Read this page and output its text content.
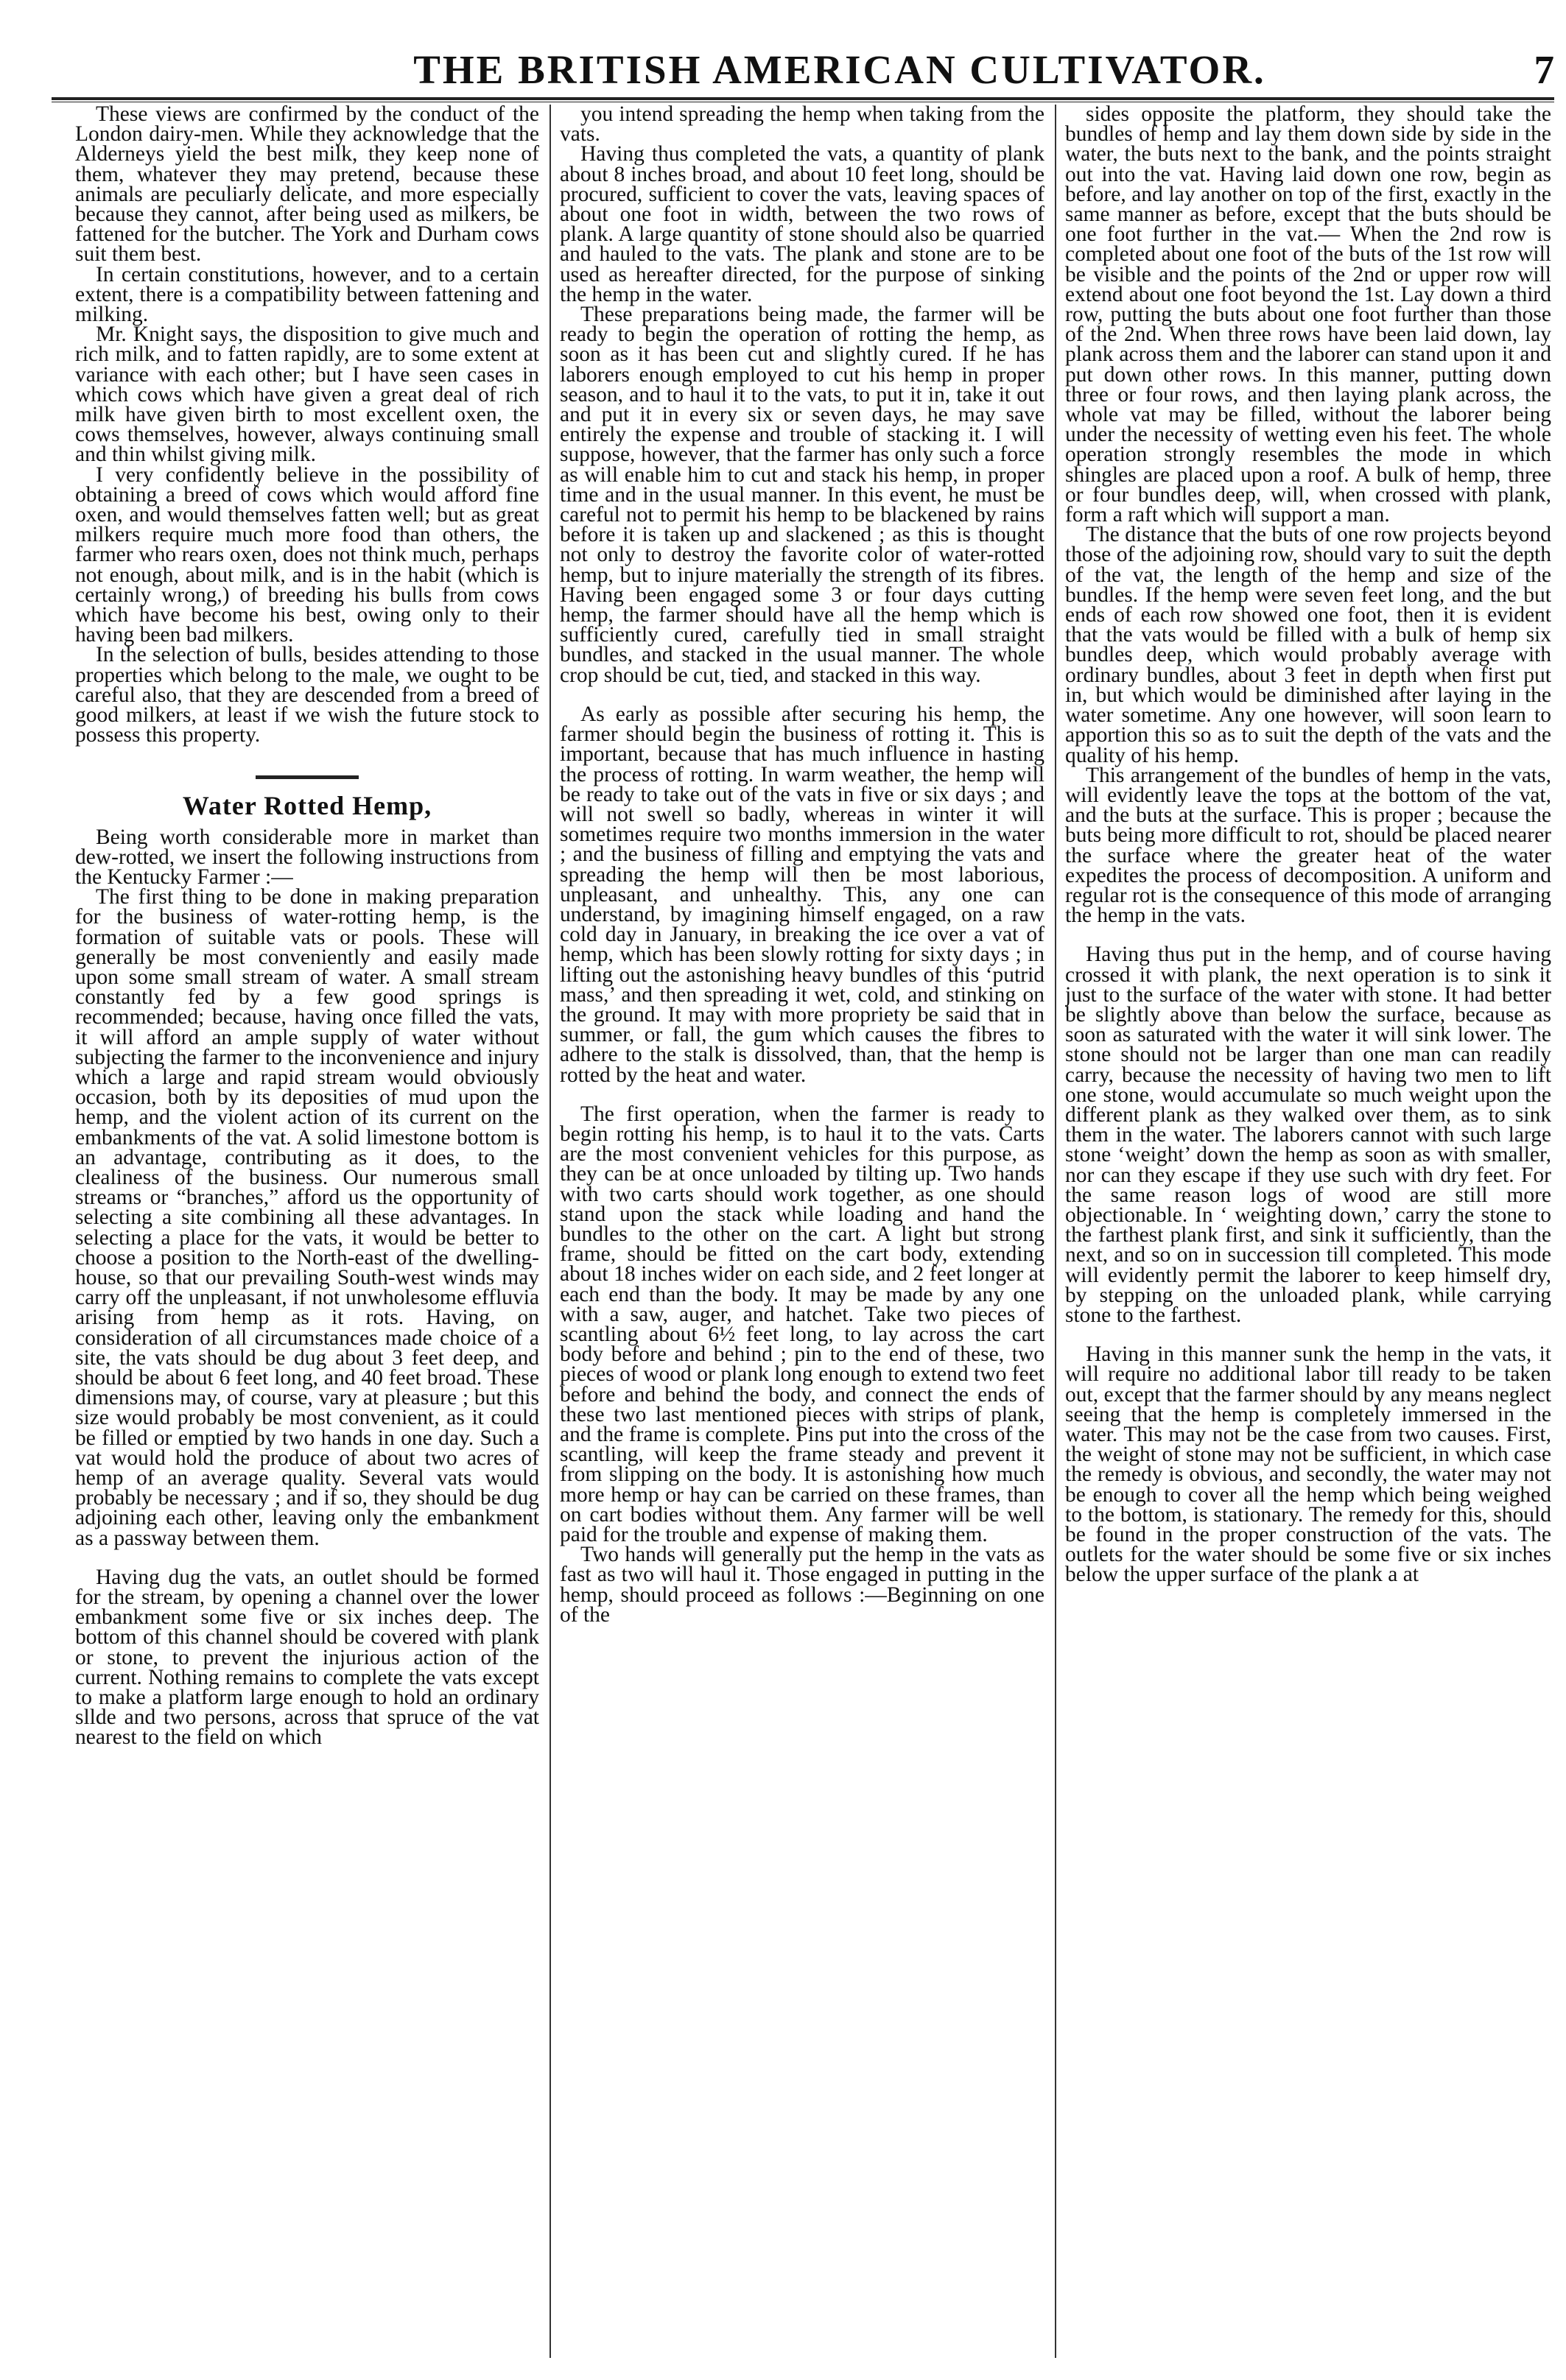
THE BRITISH AMERICAN CULTIVATOR.	7

These views are confirmed by the conduct of the London dairy-men. While they acknowledge that the Alderneys yield the best milk, they keep none of them, whatever they may pretend, because these animals are peculiarly delicate, and more especially because they cannot, after being used as milkers, be fattened for the butcher. The York and Durham cows suit them best.

In certain constitutions, however, and to a certain extent, there is a compatibility between fattening and milking.

Mr. Knight says, the disposition to give much and rich milk, and to fatten rapidly, are to some extent at variance with each other; but I have seen cases in which cows which have given a great deal of rich milk have given birth to most excellent oxen, the cows themselves, however, always continuing small and thin whilst giving milk.

I very confidently believe in the possibility of obtaining a breed of cows which would afford fine oxen, and would themselves fatten well; but as great milkers require much more food than others, the farmer who rears oxen, does not think much, perhaps not enough, about milk, and is in the habit (which is certainly wrong,) of breeding his bulls from cows which have become his best, owing only to their having been bad milkers.

In the selection of bulls, besides attending to those properties which belong to the male, we ought to be careful also, that they are descended from a breed of good milkers, at least if we wish the future stock to possess this property.

Water Rotted Hemp,

Being worth considerable more in market than dew-rotted, we insert the following instructions from the Kentucky Farmer :—

The first thing to be done in making preparation for the business of water-rotting hemp, is the formation of suitable vats or pools. These will generally be most conveniently and easily made upon some small stream of water. A small stream constantly fed by a few good springs is recommended; because, having once filled the vats, it will afford an ample supply of water without subjecting the farmer to the inconvenience and injury which a large and rapid stream would obviously occasion, both by its deposities of mud upon the hemp, and the violent action of its current on the embankments of the vat. A solid limestone bottom is an advantage, contributing as it does, to the clealiness of the business. Our numerous small streams or “branches,” afford us the opportunity of selecting a site combining all these advantages. In selecting a place for the vats, it would be better to choose a position to the North-east of the dwelling-house, so that our prevailing South-west winds may carry off the unpleasant, if not unwholesome effluvia arising from hemp as it rots. Having, on consideration of all circumstances made choice of a site, the vats should be dug about 3 feet deep, and should be about 6 feet long, and 40 feet broad. These dimensions may, of course, vary at pleasure ; but this size would probably be most convenient, as it could be filled or emptied by two hands in one day. Such a vat would hold the produce of about two acres of hemp of an average quality. Several vats would probably be necessary ; and if so, they should be dug adjoining each other, leaving only the embankment as a passway between them.

Having dug the vats, an outlet should be formed for the stream, by opening a channel over the lower embankment some five or six inches deep. The bottom of this channel should be covered with plank or stone, to prevent the injurious action of the current. Nothing remains to complete the vats except to make a platform large enough to hold an ordinary sllde and two persons, across that spruce of the vat nearest to the field on which

you intend spreading the hemp when taking from the vats.

Having thus completed the vats, a quantity of plank about 8 inches broad, and about 10 feet long, should be procured, sufficient to cover the vats, leaving spaces of about one foot in width, between the two rows of plank. A large quantity of stone should also be quarried and hauled to the vats. The plank and stone are to be used as hereafter directed, for the purpose of sinking the hemp in the water.

These preparations being made, the farmer will be ready to begin the operation of rotting the hemp, as soon as it has been cut and slightly cured. If he has laborers enough employed to cut his hemp in proper season, and to haul it to the vats, to put it in, take it out and put it in every six or seven days, he may save entirely the expense and trouble of stacking it. I will suppose, however, that the farmer has only such a force as will enable him to cut and stack his hemp, in proper time and in the usual manner. In this event, he must be careful not to permit his hemp to be blackened by rains before it is taken up and slackened ; as this is thought not only to destroy the favorite color of water-rotted hemp, but to injure materially the strength of its fibres. Having been engaged some 3 or four days cutting hemp, the farmer should have all the hemp which is sufficiently cured, carefully tied in small straight bundles, and stacked in the usual manner. The whole crop should be cut, tied, and stacked in this way.

As early as possible after securing his hemp, the farmer should begin the business of rotting it. This is important, because that has much influence in hasting the process of rotting. In warm weather, the hemp will be ready to take out of the vats in five or six days ; and will not swell so badly, whereas in winter it will sometimes require two months immersion in the water ; and the business of filling and emptying the vats and spreading the hemp will then be most laborious, unpleasant, and unhealthy. This, any one can understand, by imagining himself engaged, on a raw cold day in January, in breaking the ice over a vat of hemp, which has been slowly rotting for sixty days ; in lifting out the astonishing heavy bundles of this ‘putrid mass,’ and then spreading it wet, cold, and stinking on the ground. It may with more propriety be said that in summer, or fall, the gum which causes the fibres to adhere to the stalk is dissolved, than, that the hemp is rotted by the heat and water.

The first operation, when the farmer is ready to begin rotting his hemp, is to haul it to the vats. Carts are the most convenient vehicles for this purpose, as they can be at once unloaded by tilting up. Two hands with two carts should work together, as one should stand upon the stack while loading and hand the bundles to the other on the cart. A light but strong frame, should be fitted on the cart body, extending about 18 inches wider on each side, and 2 feet longer at each end than the body. It may be made by any one with a saw, auger, and hatchet. Take two pieces of scantling about 6½ feet long, to lay across the cart body before and behind ; pin to the end of these, two pieces of wood or plank long enough to extend two feet before and behind the body, and connect the ends of these two last mentioned pieces with strips of plank, and the frame is complete. Pins put into the cross of the scantling, will keep the frame steady and prevent it from slipping on the body. It is astonishing how much more hemp or hay can be carried on these frames, than on cart bodies without them. Any farmer will be well paid for the trouble and expense of making them.

Two hands will generally put the hemp in the vats as fast as two will haul it. Those engaged in putting in the hemp, should proceed as follows :—Beginning on one of the

sides opposite the platform, they should take the bundles of hemp and lay them down side by side in the water, the buts next to the bank, and the points straight out into the vat. Having laid down one row, begin as before, and lay another on top of the first, exactly in the same manner as before, except that the buts should be one foot further in the vat.— When the 2nd row is completed about one foot of the buts of the 1st row will be visible and the points of the 2nd or upper row will extend about one foot beyond the 1st. Lay down a third row, putting the buts about one foot further than those of the 2nd. When three rows have been laid down, lay plank across them and the laborer can stand upon it and put down other rows. In this manner, putting down three or four rows, and then laying plank across, the whole vat may be filled, without the laborer being under the necessity of wetting even his feet. The whole operation strongly resembles the mode in which shingles are placed upon a roof. A bulk of hemp, three or four bundles deep, will, when crossed with plank, form a raft which will support a man.

The distance that the buts of one row projects beyond those of the adjoining row, should vary to suit the depth of the vat, the length of the hemp and size of the bundles. If the hemp were seven feet long, and the but ends of each row showed one foot, then it is evident that the vats would be filled with a bulk of hemp six bundles deep, which would probably average with ordinary bundles, about 3 feet in depth when first put in, but which would be diminished after laying in the water sometime. Any one however, will soon learn to apportion this so as to suit the depth of the vats and the quality of his hemp.

This arrangement of the bundles of hemp in the vats, will evidently leave the tops at the bottom of the vat, and the buts at the surface. This is proper ; because the buts being more difficult to rot, should be placed nearer the surface where the greater heat of the water expedites the process of decomposition. A uniform and regular rot is the consequence of this mode of arranging the hemp in the vats.

Having thus put in the hemp, and of course having crossed it with plank, the next operation is to sink it just to the surface of the water with stone. It had better be slightly above than below the surface, because as soon as saturated with the water it will sink lower. The stone should not be larger than one man can readily carry, because the necessity of having two men to lift one stone, would accumulate so much weight upon the different plank as they walked over them, as to sink them in the water. The laborers cannot with such large stone ‘weight’ down the hemp as soon as with smaller, nor can they escape if they use such with dry feet. For the same reason logs of wood are still more objectionable. In ‘ weighting down,’ carry the stone to the farthest plank first, and sink it sufficiently, than the next, and so on in succession till completed. This mode will evidently permit the laborer to keep himself dry, by stepping on the unloaded plank, while carrying stone to the farthest.

Having in this manner sunk the hemp in the vats, it will require no additional labor till ready to be taken out, except that the farmer should by any means neglect seeing that the hemp is completely immersed in the water. This may not be the case from two causes. First, the weight of stone may not be sufficient, in which case the remedy is obvious, and secondly, the water may not be enough to cover all the hemp which being weighed to the bottom, is stationary. The remedy for this, should be found in the proper construction of the vats. The outlets for the water should be some five or six inches below the upper surface of the plank a at
